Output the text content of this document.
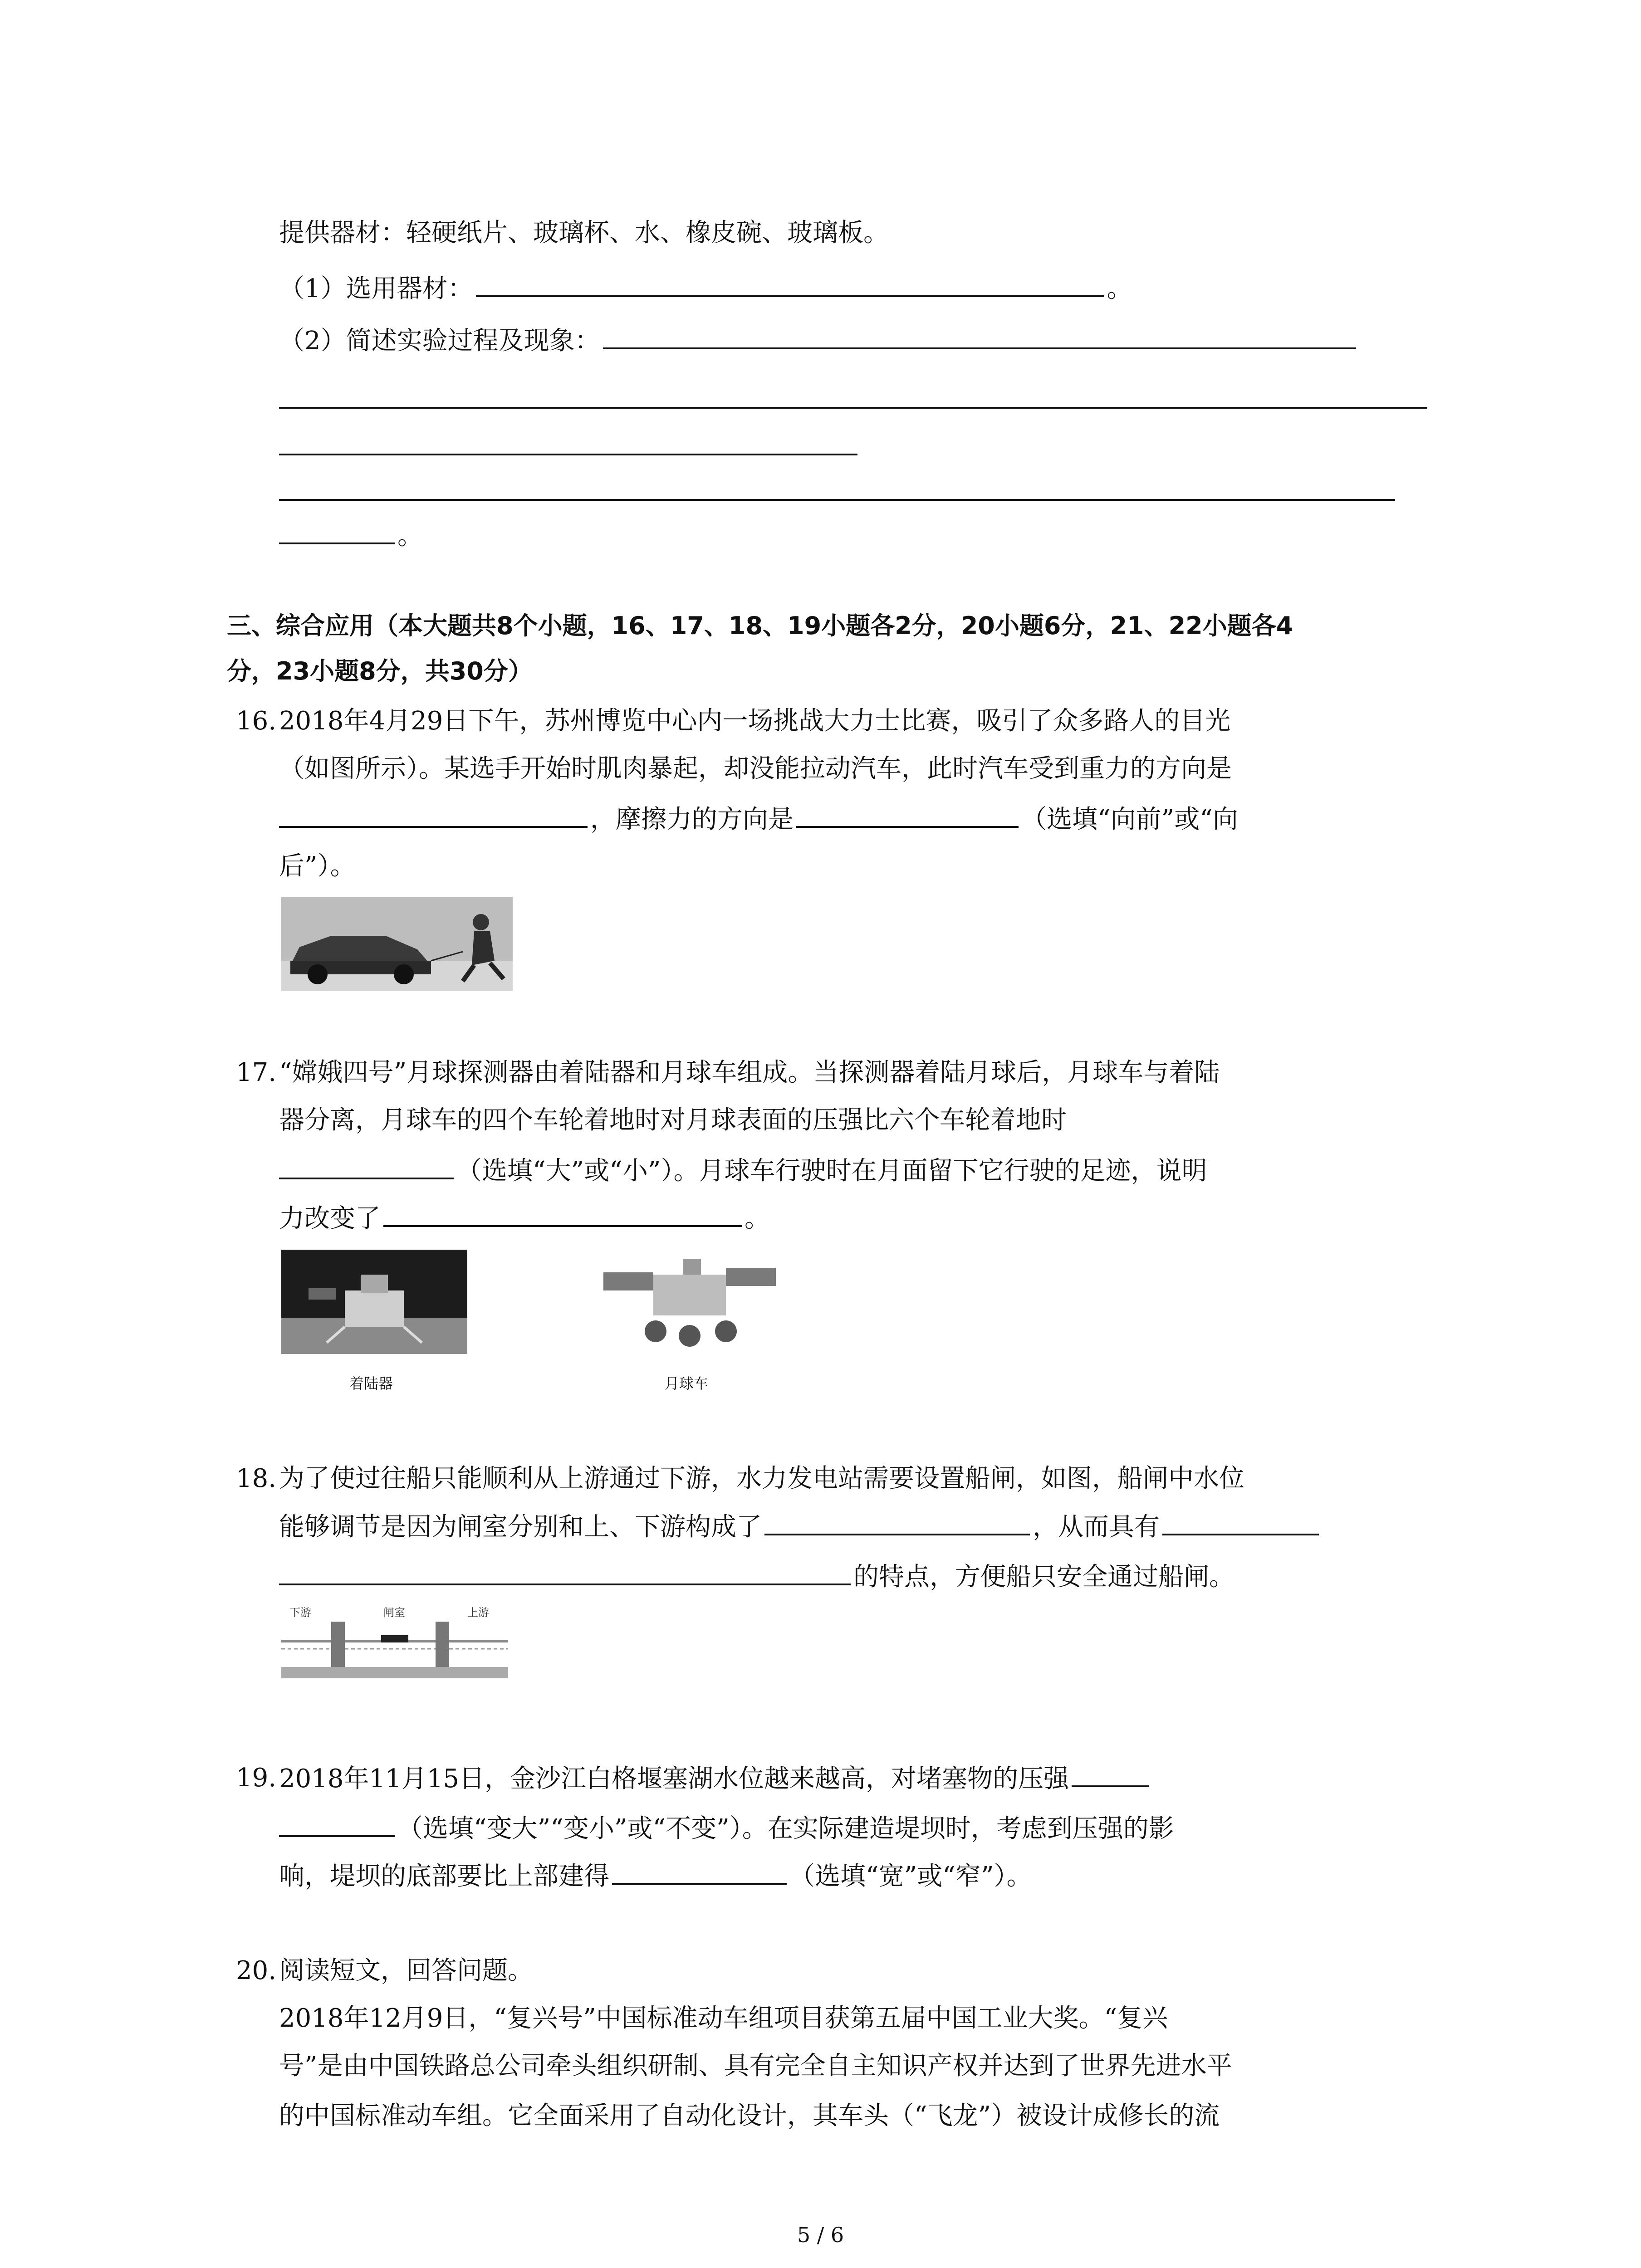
提供器材：轻硬纸片、玻璃杯、水、橡皮碗、玻璃板。
（1）选用器材：	。
（2）简述实验过程及现象：
。
三、综合应用（本大题共8个小题，16、17、18、19小题各2分，20小题6分，21、22小题各4
分，23小题8分，共30分）
16. 2018年4月29日下午，苏州博览中心内一场挑战大力士比赛，吸引了众多路人的目光
（如图所示）。某选手开始时肌肉暴起，却没能拉动汽车，此时汽车受到重力的方向是
，摩擦力的方向是	（选填“向前”或“向
后”）。
17. “嫦娥四号”月球探测器由着陆器和月球车组成。当探测器着陆月球后，月球车与着陆
器分离，月球车的四个车轮着地时对月球表面的压强比六个车轮着地时
（选填“大”或“小”）。月球车行驶时在月面留下它行驶的足迹，说明
力改变了	。
着陆器	月球车
18. 为了使过往船只能顺利从上游通过下游，水力发电站需要设置船闸，如图，船闸中水位
能够调节是因为闸室分别和上、下游构成了	，从而具有
的特点，方便船只安全通过船闸。
下游	闸室	上游
19. 2018年11月15日，金沙江白格堰塞湖水位越来越高，对堵塞物的压强
（选填“变大”“变小”或“不变”）。在实际建造堤坝时，考虑到压强的影
响，堤坝的底部要比上部建得	（选填“宽”或“窄”）。
20. 阅读短文，回答问题。
2018年12月9日，“复兴号”中国标准动车组项目获第五届中国工业大奖。“复兴
号”是由中国铁路总公司牵头组织研制、具有完全自主知识产权并达到了世界先进水平
的中国标准动车组。它全面采用了自动化设计，其车头（“飞龙”）被设计成修长的流
5 / 6
